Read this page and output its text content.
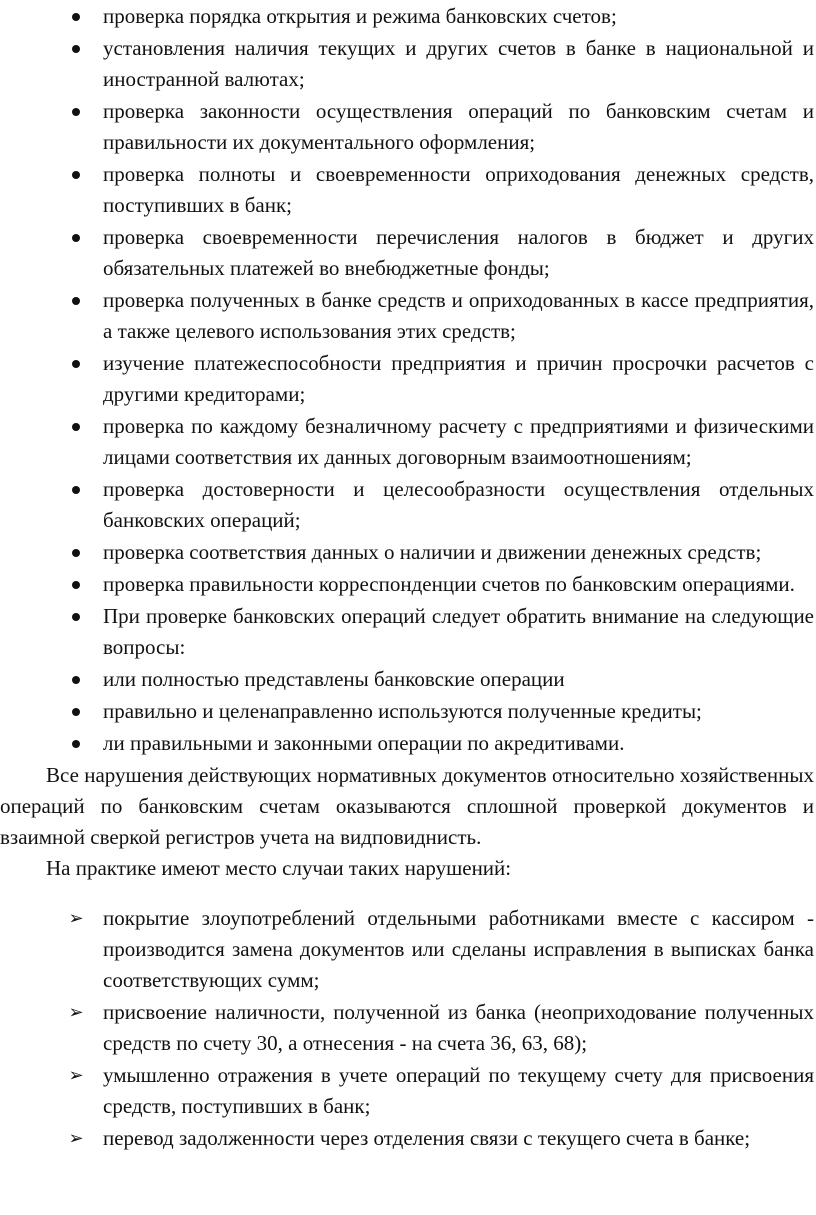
проверка порядка открытия и режима банковских счетов;
установления наличия текущих и других счетов в банке в национальной и иностранной валютах;
проверка законности осуществления операций по банковским счетам и правильности их документального оформления;
проверка полноты и своевременности оприходования денежных средств, поступивших в банк;
проверка своевременности перечисления налогов в бюджет и других обязательных платежей во внебюджетные фонды;
проверка полученных в банке средств и оприходованных в кассе предприятия, а также целевого использования этих средств;
изучение платежеспособности предприятия и причин просрочки расчетов с другими кредиторами;
проверка по каждому безналичному расчету с предприятиями и физическими лицами соответствия их данных договорным взаимоотношениям;
проверка достоверности и целесообразности осуществления отдельных банковских операций;
проверка соответствия данных о наличии и движении денежных средств;
проверка правильности корреспонденции счетов по банковским операциями.
При проверке банковских операций следует обратить внимание на следующие вопросы:
или полностью представлены банковские операции
правильно и целенаправленно используются полученные кредиты;
ли правильными и законными операции по акредитивами.

Все нарушения действующих нормативных документов относительно хозяйственных операций по банковским счетам оказываются сплошной проверкой документов и взаимной сверкой регистров учета на видповиднисть.

На практике имеют место случаи таких нарушений:

➢ покрытие злоупотреблений отдельными работниками вместе с кассиром - производится замена документов или сделаны исправления в выписках банка соответствующих сумм;
➢ присвоение наличности, полученной из банка (неоприходование полученных средств по счету 30, а отнесения - на счета 36, 63, 68);
➢ умышленно отражения в учете операций по текущему счету для присвоения средств, поступивших в банк;
➢ перевод задолженности через отделения связи с текущего счета в банке;
